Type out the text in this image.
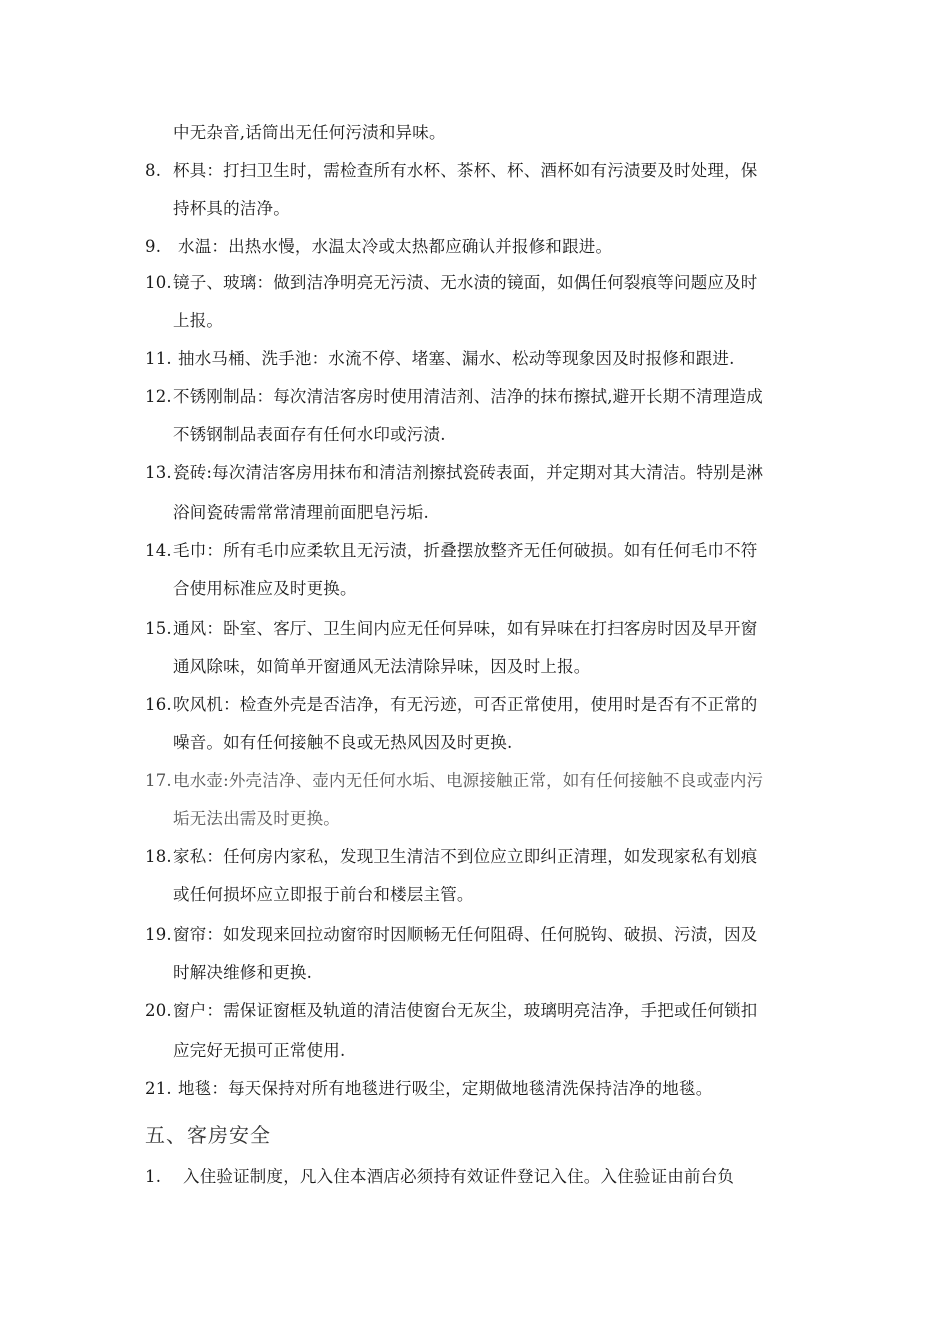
中无杂音,话筒出无任何污渍和异味。
8. 杯具：打扫卫生时，需检查所有水杯、茶杯、杯、酒杯如有污渍要及时处理，保
持杯具的洁净。
9. 水温：出热水慢，水温太冷或太热都应确认并报修和跟进。
10.镜子、玻璃：做到洁净明亮无污渍、无水渍的镜面，如偶任何裂痕等问题应及时
上报。
11. 抽水马桶、洗手池：水流不停、堵塞、漏水、松动等现象因及时报修和跟进.
12.不锈刚制品：每次清洁客房时使用清洁剂、洁净的抹布擦拭,避开长期不清理造成
不锈钢制品表面存有任何水印或污渍.
13.瓷砖:每次清洁客房用抹布和清洁剂擦拭瓷砖表面，并定期对其大清洁。特别是淋
浴间瓷砖需常常清理前面肥皂污垢.
14.毛巾：所有毛巾应柔软且无污渍，折叠摆放整齐无任何破损。如有任何毛巾不符
合使用标准应及时更换。
15.通风：卧室、客厅、卫生间内应无任何异味，如有异味在打扫客房时因及早开窗
通风除味，如简单开窗通风无法清除异味，因及时上报。
16.吹风机：检查外壳是否洁净，有无污迹，可否正常使用，使用时是否有不正常的
噪音。如有任何接触不良或无热风因及时更换.
17.电水壶:外壳洁净、壶内无任何水垢、电源接触正常，如有任何接触不良或壶内污
垢无法出需及时更换。
18.家私：任何房内家私，发现卫生清洁不到位应立即纠正清理，如发现家私有划痕
或任何损坏应立即报于前台和楼层主管。
19.窗帘：如发现来回拉动窗帘时因顺畅无任何阻碍、任何脱钩、破损、污渍，因及
时解决维修和更换.
20.窗户：需保证窗框及轨道的清洁使窗台无灰尘，玻璃明亮洁净，手把或任何锁扣
应完好无损可正常使用.
21. 地毯：每天保持对所有地毯进行吸尘，定期做地毯清洗保持洁净的地毯。
五、客房安全
1. 入住验证制度，凡入住本酒店必须持有效证件登记入住。入住验证由前台负
